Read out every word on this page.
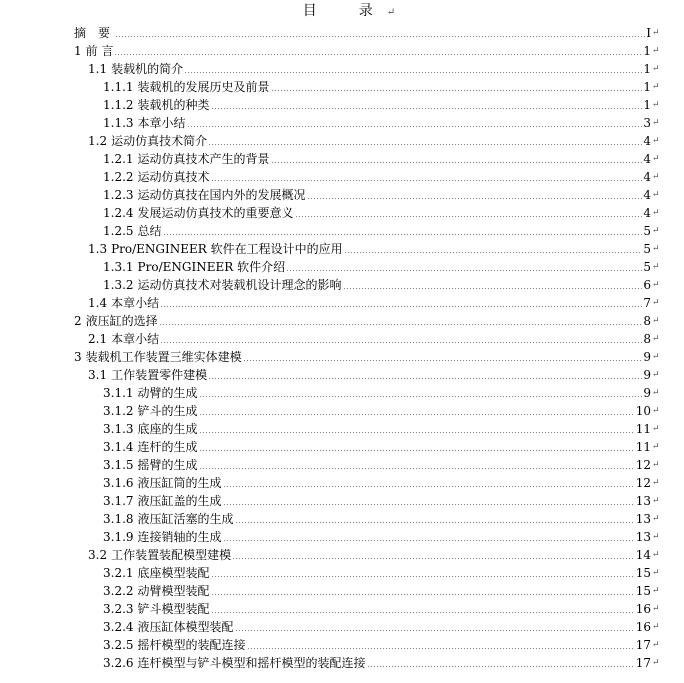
目　录↵
摘　要	I ↵
1 前 言	1 ↵
1.1 装载机的简介	1 ↵
1.1.1 装载机的发展历史及前景	1 ↵
1.1.2 装载机的种类	1 ↵
1.1.3 本章小结	3 ↵
1.2 运动仿真技术简介	4 ↵
1.2.1 运动仿真技术产生的背景	4 ↵
1.2.2 运动仿真技术	4 ↵
1.2.3 运动仿真技在国内外的发展概况	4 ↵
1.2.4 发展运动仿真技术的重要意义	4 ↵
1.2.5 总结	5 ↵
1.3 Pro/ENGINEER 软件在工程设计中的应用	5 ↵
1.3.1 Pro/ENGINEER 软件介绍	5 ↵
1.3.2 运动仿真技术对装载机设计理念的影响	6 ↵
1.4 本章小结	7 ↵
2 液压缸的选择	8 ↵
2.1 本章小结	8 ↵
3 装载机工作装置三维实体建模	9 ↵
3.1 工作装置零件建模	9 ↵
3.1.1 动臂的生成	9 ↵
3.1.2 铲斗的生成	10 ↵
3.1.3 底座的生成	11 ↵
3.1.4 连杆的生成	11 ↵
3.1.5 摇臂的生成	12 ↵
3.1.6 液压缸筒的生成	12 ↵
3.1.7 液压缸盖的生成	13 ↵
3.1.8 液压缸活塞的生成	13 ↵
3.1.9 连接销轴的生成	13 ↵
3.2 工作装置装配模型建模	14 ↵
3.2.1 底座模型装配	15 ↵
3.2.2 动臂模型装配	15 ↵
3.2.3 铲斗模型装配	16 ↵
3.2.4 液压缸体模型装配	16 ↵
3.2.5 摇杆模型的装配连接	17 ↵
3.2.6 连杆模型与铲斗模型和摇杆模型的装配连接	17 ↵
